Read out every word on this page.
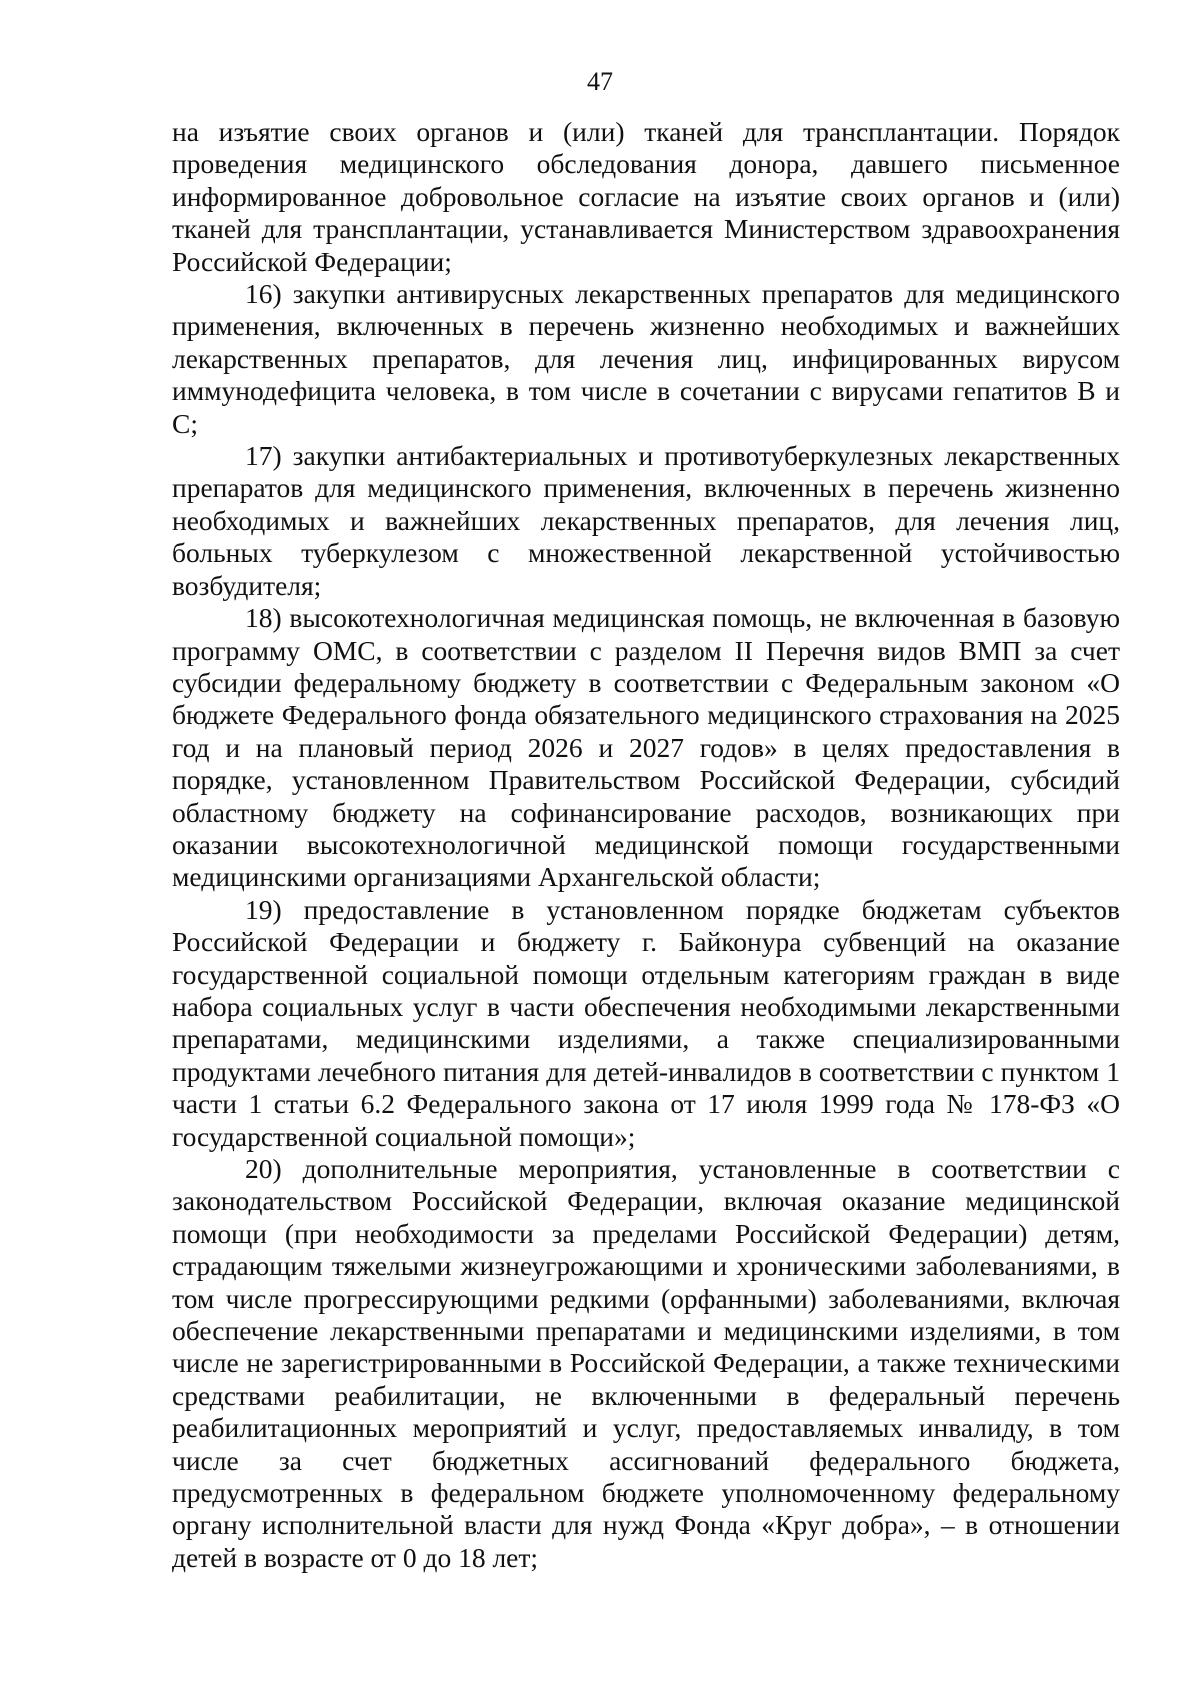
47

на изъятие своих органов и (или) тканей для трансплантации. Порядок проведения медицинского обследования донора, давшего письменное информированное добровольное согласие на изъятие своих органов и (или) тканей для трансплантации, устанавливается Министерством здравоохранения Российской Федерации;

16) закупки антивирусных лекарственных препаратов для медицинского применения, включенных в перечень жизненно необходимых и важнейших лекарственных препаратов, для лечения лиц, инфицированных вирусом иммунодефицита человека, в том числе в сочетании с вирусами гепатитов B и C;

17) закупки антибактериальных и противотуберкулезных лекарственных препаратов для медицинского применения, включенных в перечень жизненно необходимых и важнейших лекарственных препаратов, для лечения лиц, больных туберкулезом с множественной лекарственной устойчивостью возбудителя;

18) высокотехнологичная медицинская помощь, не включенная в базовую программу ОМС, в соответствии с разделом II Перечня видов ВМП за счет субсидии федеральному бюджету в соответствии с Федеральным законом «О бюджете Федерального фонда обязательного медицинского страхования на 2025 год и на плановый период 2026 и 2027 годов» в целях предоставления в порядке, установленном Правительством Российской Федерации, субсидий областному бюджету на софинансирование расходов, возникающих при оказании высокотехнологичной медицинской помощи государственными медицинскими организациями Архангельской области;

19) предоставление в установленном порядке бюджетам субъектов Российской Федерации и бюджету г. Байконура субвенций на оказание государственной социальной помощи отдельным категориям граждан в виде набора социальных услуг в части обеспечения необходимыми лекарственными препаратами, медицинскими изделиями, а также специализированными продуктами лечебного питания для детей-инвалидов в соответствии с пунктом 1 части 1 статьи 6.2 Федерального закона от 17 июля 1999 года № 178-ФЗ «О государственной социальной помощи»;

20) дополнительные мероприятия, установленные в соответствии с законодательством Российской Федерации, включая оказание медицинской помощи (при необходимости за пределами Российской Федерации) детям, страдающим тяжелыми жизнеугрожающими и хроническими заболеваниями, в том числе прогрессирующими редкими (орфанными) заболеваниями, включая обеспечение лекарственными препаратами и медицинскими изделиями, в том числе не зарегистрированными в Российской Федерации, а также техническими средствами реабилитации, не включенными в федеральный перечень реабилитационных мероприятий и услуг, предоставляемых инвалиду, в том числе за счет бюджетных ассигнований федерального бюджета, предусмотренных в федеральном бюджете уполномоченному федеральному органу исполнительной власти для нужд Фонда «Круг добра», – в отношении детей в возрасте от 0 до 18 лет;
